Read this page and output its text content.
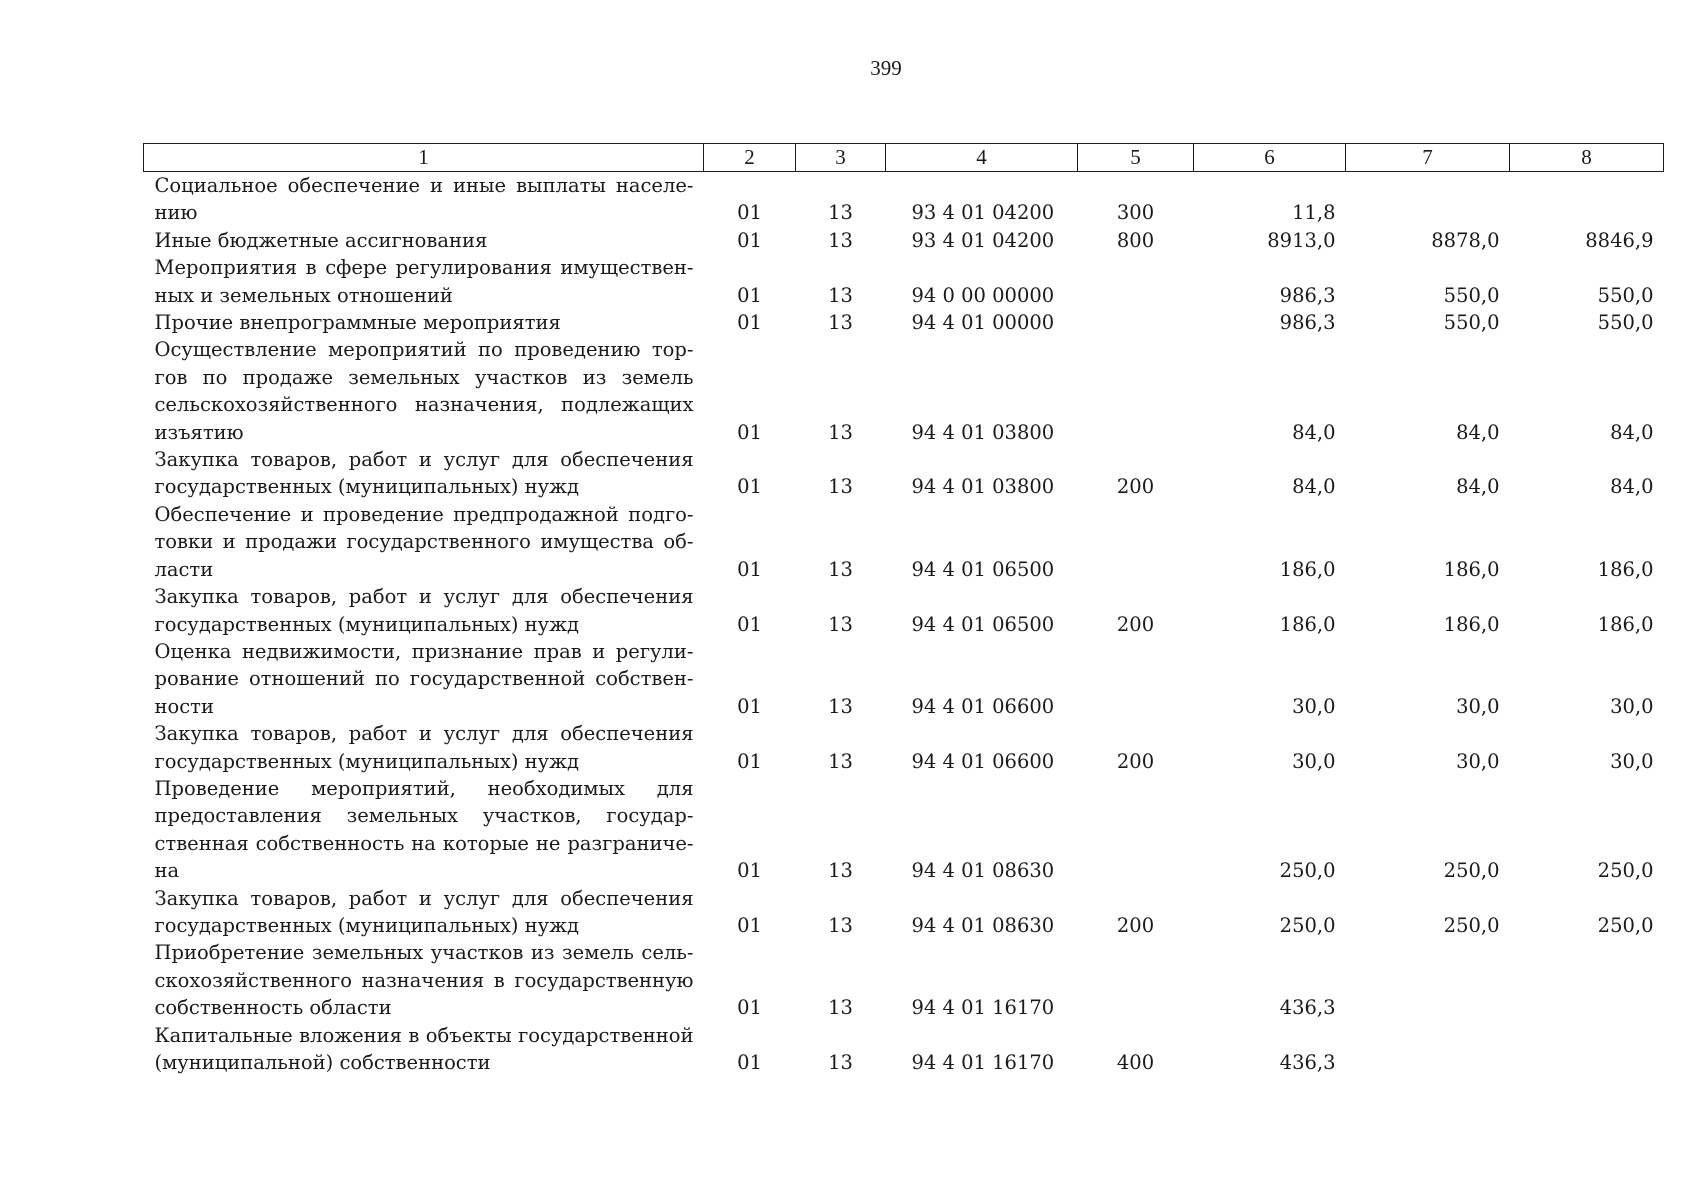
399
1	2	3	4	5	6	7	8

Социальное обеспечение и иные выплаты населе-
нию	01	13	93 4 01 04200	300	11,8		

Иные бюджетные ассигнования	01	13	93 4 01 04200	800	8913,0	8878,0	8846,9

Мероприятия в сфере регулирования имуществен-
ных и земельных отношений	01	13	94 0 00 00000		986,3	550,0	550,0

Прочие внепрограммные мероприятия	01	13	94 4 01 00000		986,3	550,0	550,0

Осуществление мероприятий по проведению тор-
гов по продаже земельных участков из земель
сельскохозяйственного назначения, подлежащих
изъятию	01	13	94 4 01 03800		84,0	84,0	84,0

Закупка товаров, работ и услуг для обеспечения
государственных (муниципальных) нужд	01	13	94 4 01 03800	200	84,0	84,0	84,0

Обеспечение и проведение предпродажной подго-
товки и продажи государственного имущества об-
ласти	01	13	94 4 01 06500		186,0	186,0	186,0

Закупка товаров, работ и услуг для обеспечения
государственных (муниципальных) нужд	01	13	94 4 01 06500	200	186,0	186,0	186,0

Оценка недвижимости, признание прав и регули-
рование отношений по государственной собствен-
ности	01	13	94 4 01 06600		30,0	30,0	30,0

Закупка товаров, работ и услуг для обеспечения
государственных (муниципальных) нужд	01	13	94 4 01 06600	200	30,0	30,0	30,0

Проведение мероприятий, необходимых для
предоставления земельных участков, государ-
ственная собственность на которые не разграниче-
на	01	13	94 4 01 08630		250,0	250,0	250,0

Закупка товаров, работ и услуг для обеспечения
государственных (муниципальных) нужд	01	13	94 4 01 08630	200	250,0	250,0	250,0

Приобретение земельных участков из земель сель-
скохозяйственного назначения в государственную
собственность области	01	13	94 4 01 16170		436,3		

Капитальные вложения в объекты государственной
(муниципальной) собственности	01	13	94 4 01 16170	400	436,3		
